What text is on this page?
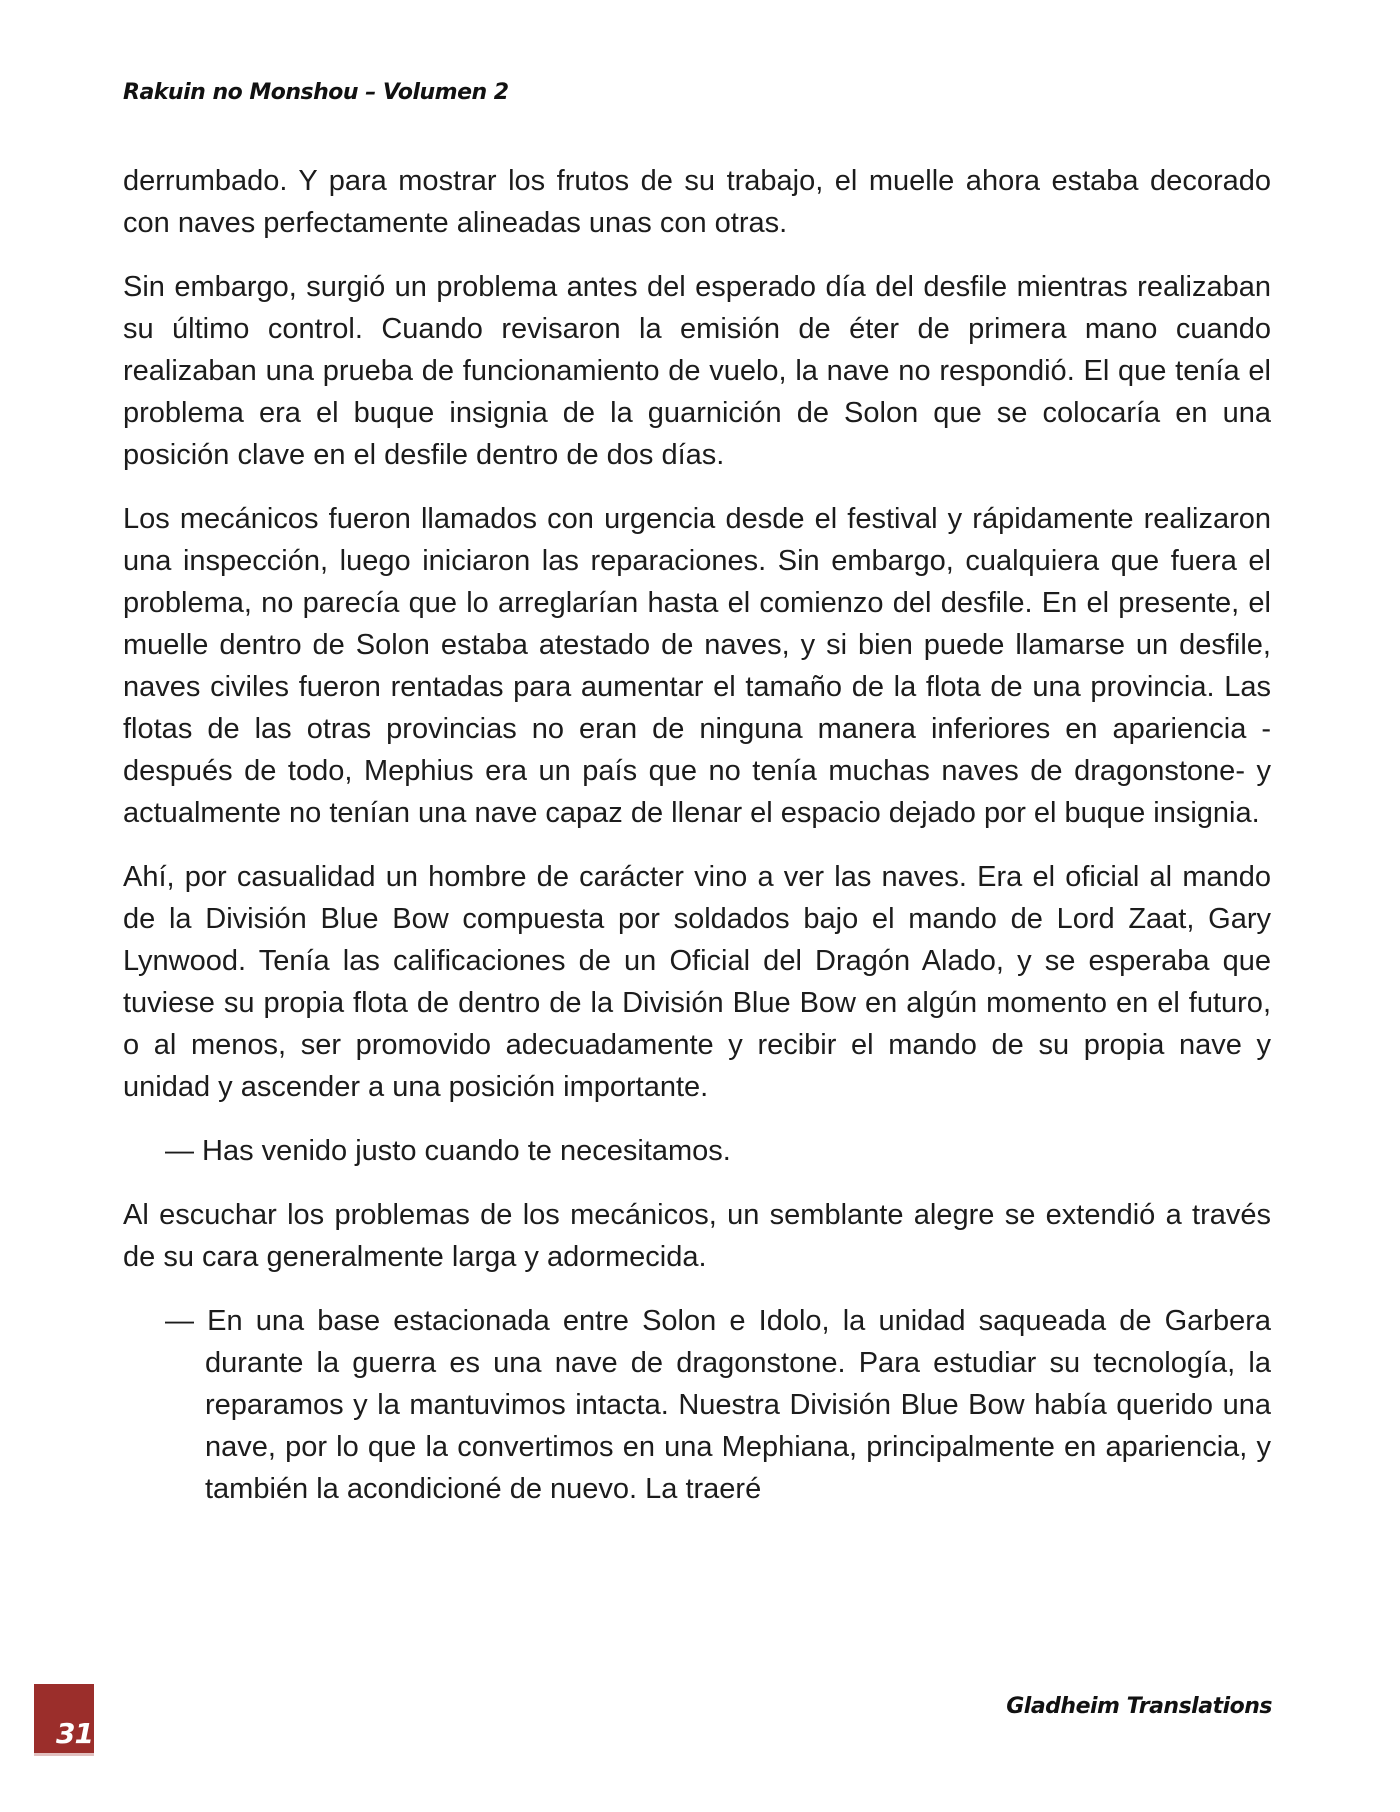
Rakuin no Monshou – Volumen 2

derrumbado. Y para mostrar los frutos de su trabajo, el muelle ahora estaba decorado con naves perfectamente alineadas unas con otras.

Sin embargo, surgió un problema antes del esperado día del desfile mientras realizaban su último control. Cuando revisaron la emisión de éter de primera mano cuando realizaban una prueba de funcionamiento de vuelo, la nave no respondió. El que tenía el problema era el buque insignia de la guarnición de Solon que se colocaría en una posición clave en el desfile dentro de dos días.

Los mecánicos fueron llamados con urgencia desde el festival y rápidamente realizaron una inspección, luego iniciaron las reparaciones. Sin embargo, cualquiera que fuera el problema, no parecía que lo arreglarían hasta el comienzo del desfile. En el presente, el muelle dentro de Solon estaba atestado de naves, y si bien puede llamarse un desfile, naves civiles fueron rentadas para aumentar el tamaño de la flota de una provincia. Las flotas de las otras provincias no eran de ninguna manera inferiores en apariencia -después de todo, Mephius era un país que no tenía muchas naves de dragonstone- y actualmente no tenían una nave capaz de llenar el espacio dejado por el buque insignia.

Ahí, por casualidad un hombre de carácter vino a ver las naves. Era el oficial al mando de la División Blue Bow compuesta por soldados bajo el mando de Lord Zaat, Gary Lynwood. Tenía las calificaciones de un Oficial del Dragón Alado, y se esperaba que tuviese su propia flota de dentro de la División Blue Bow en algún momento en el futuro, o al menos, ser promovido adecuadamente y recibir el mando de su propia nave y unidad y ascender a una posición importante.

— Has venido justo cuando te necesitamos.

Al escuchar los problemas de los mecánicos, un semblante alegre se extendió a través de su cara generalmente larga y adormecida.

— En una base estacionada entre Solon e Idolo, la unidad saqueada de Garbera durante la guerra es una nave de dragonstone. Para estudiar su tecnología, la reparamos y la mantuvimos intacta. Nuestra División Blue Bow había querido una nave, por lo que la convertimos en una Mephiana, principalmente en apariencia, y también la acondicioné de nuevo. La traeré

31
Gladheim Translations
